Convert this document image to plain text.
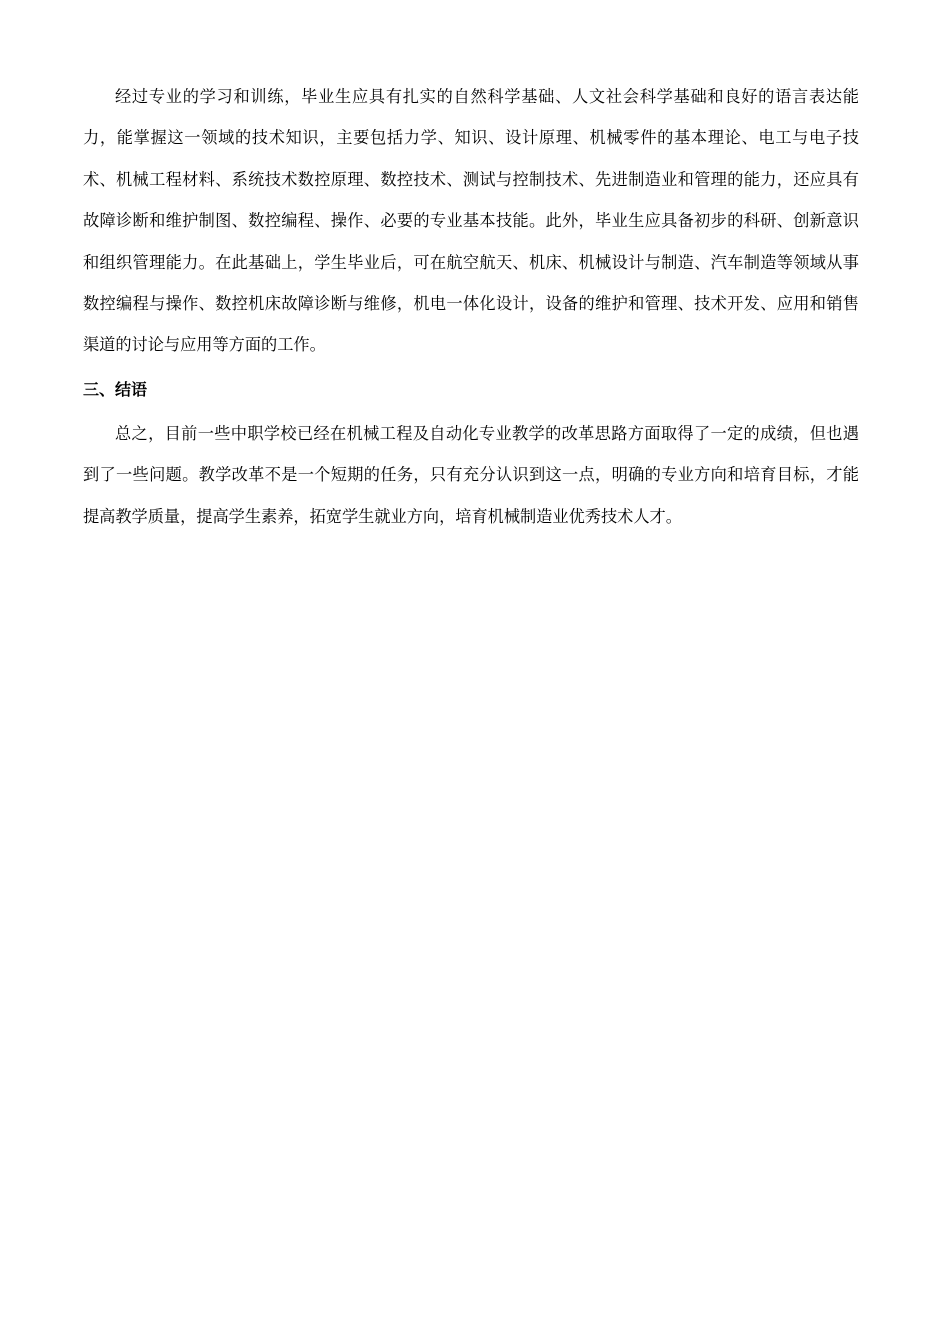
经过专业的学习和训练，毕业生应具有扎实的自然科学基础、人文社会科学基础和良好的语言表达能力，能掌握这一领域的技术知识，主要包括力学、知识、设计原理、机械零件的基本理论、电工与电子技术、机械工程材料、系统技术数控原理、数控技术、测试与控制技术、先进制造业和管理的能力，还应具有故障诊断和维护制图、数控编程、操作、必要的专业基本技能。此外，毕业生应具备初步的科研、创新意识和组织管理能力。在此基础上，学生毕业后，可在航空航天、机床、机械设计与制造、汽车制造等领域从事数控编程与操作、数控机床故障诊断与维修，机电一体化设计，设备的维护和管理、技术开发、应用和销售渠道的讨论与应用等方面的工作。

三、结语

总之，目前一些中职学校已经在机械工程及自动化专业教学的改革思路方面取得了一定的成绩，但也遇到了一些问题。教学改革不是一个短期的任务，只有充分认识到这一点，明确的专业方向和培育目标，才能提高教学质量，提高学生素养，拓宽学生就业方向，培育机械制造业优秀技术人才。
